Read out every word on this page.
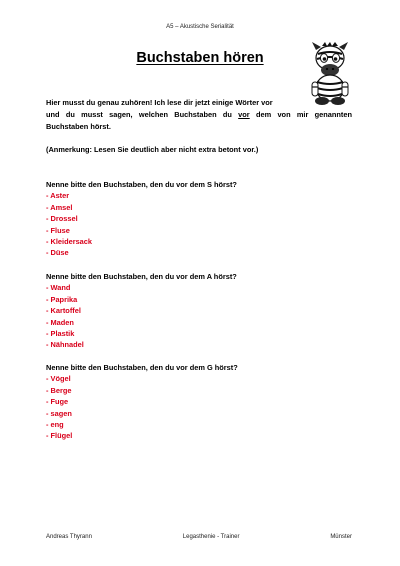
A5 – Akustische Serialität
Buchstaben hören

Hier musst du genau zuhören! Ich lese dir jetzt einige Wörter vor

und du musst sagen, welchen Buchstaben du vor dem von mir genannten

Buchstaben hörst.

(Anmerkung: Lesen Sie deutlich aber nicht extra betont vor.)
Nenne bitte den Buchstaben, den du vor dem S hörst?
- Aster
- Amsel
- Drossel
- Fluse
- Kleidersack
- Düse
Nenne bitte den Buchstaben, den du vor dem A hörst?
- Wand
- Paprika
- Kartoffel
- Maden
- Plastik
- Nähnadel
Nenne bitte den Buchstaben, den du vor dem G hörst?
- Vögel
- Berge
- Fuge
- sagen
- eng
- Flügel
Andreas Thyrann	Legasthenie - Trainer	Münster
